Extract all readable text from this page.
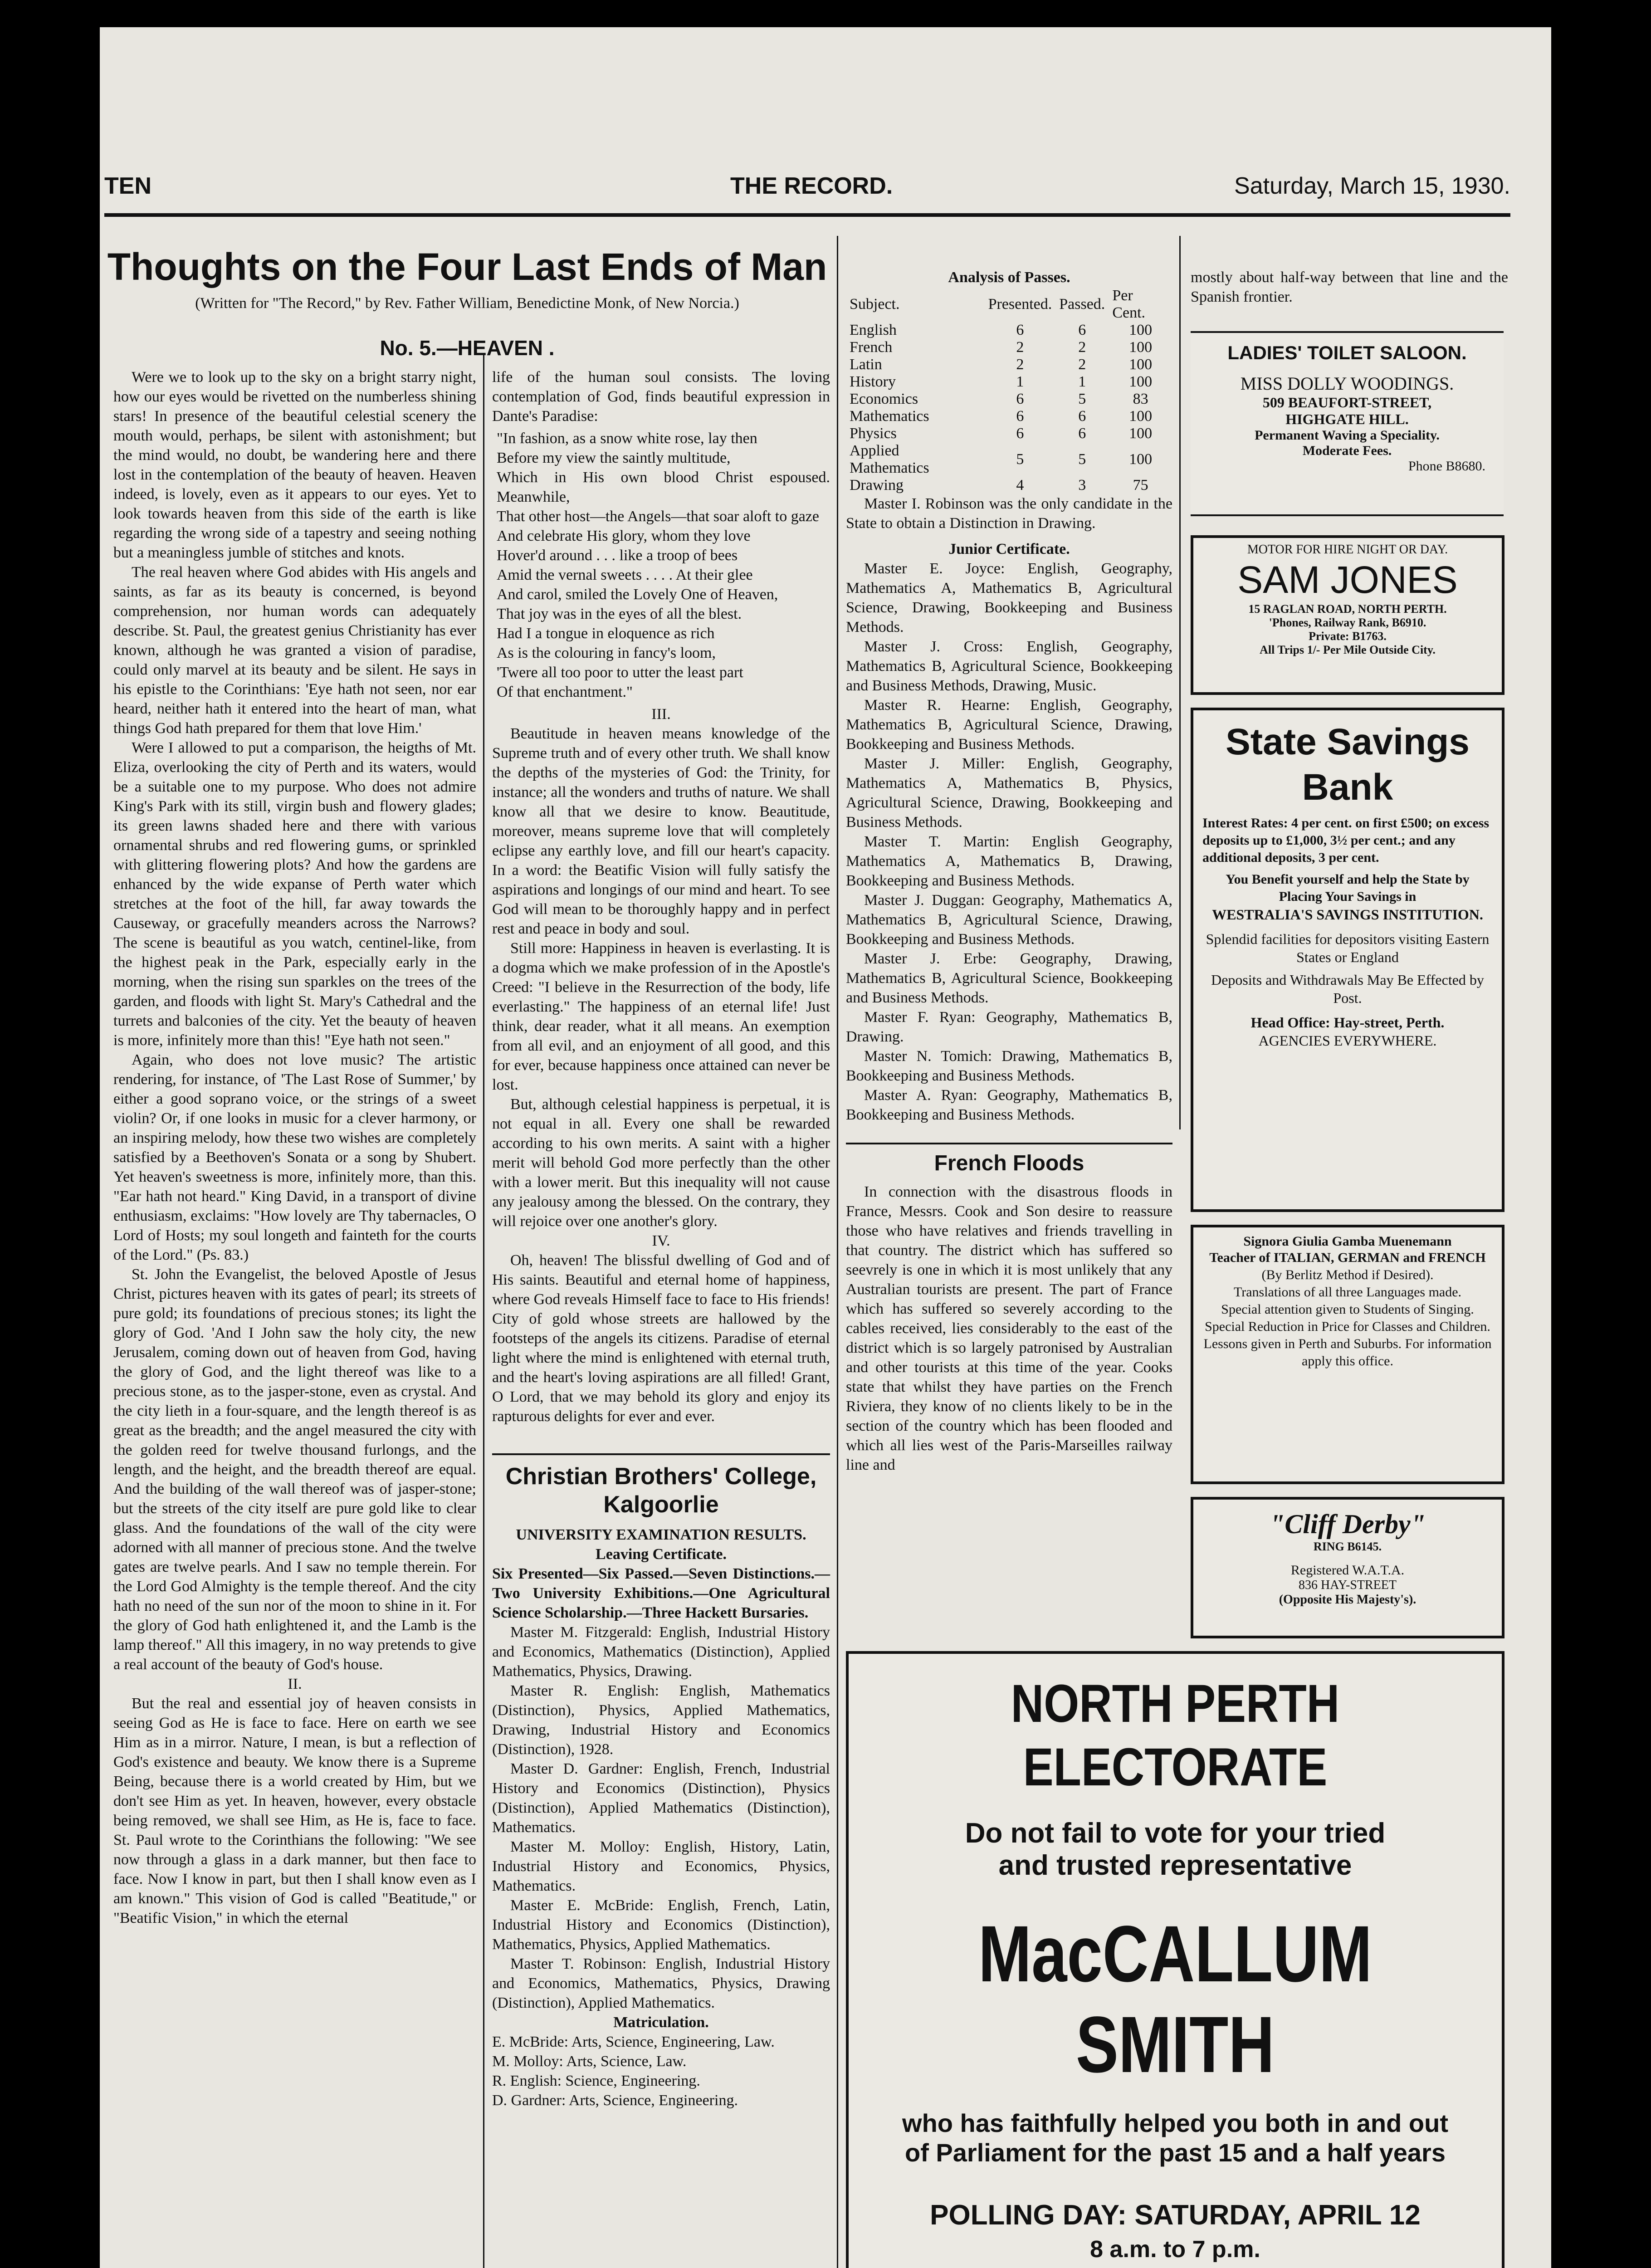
TEN	THE RECORD.	Saturday, March 15, 1930.
Thoughts on the Four Last Ends of Man
(Written for "The Record," by Rev. Father William, Benedictine Monk, of New Norcia.)
No. 5.—HEAVEN .

Were we to look up to the sky on a bright starry night, how our eyes would be rivetted on the numberless shining stars! In presence of the beautiful celestial scenery the mouth would, perhaps, be silent with astonishment; but the mind would, no doubt, be wandering here and there lost in the contemplation of the beauty of heaven. Heaven indeed, is lovely, even as it appears to our eyes. Yet to look towards heaven from this side of the earth is like regarding the wrong side of a tapestry and seeing nothing but a meaningless jumble of stitches and knots.

The real heaven where God abides with His angels and saints, as far as its beauty is concerned, is beyond comprehension, nor human words can adequately describe. St. Paul, the greatest genius Christianity has ever known, although he was granted a vision of paradise, could only marvel at its beauty and be silent. He says in his epistle to the Corinthians: 'Eye hath not seen, nor ear heard, neither hath it entered into the heart of man, what things God hath prepared for them that love Him.'

Were I allowed to put a comparison, the heigths of Mt. Eliza, overlooking the city of Perth and its waters, would be a suitable one to my purpose. Who does not admire King's Park with its still, virgin bush and flowery glades; its green lawns shaded here and there with various ornamental shrubs and red flowering gums, or sprinkled with glittering flowering plots? And how the gardens are enhanced by the wide expanse of Perth water which stretches at the foot of the hill, far away towards the Causeway, or gracefully meanders across the Narrows? The scene is beautiful as you watch, centinel-like, from the highest peak in the Park, especially early in the morning, when the rising sun sparkles on the trees of the garden, and floods with light St. Mary's Cathedral and the turrets and balconies of the city. Yet the beauty of heaven is more, infinitely more than this! "Eye hath not seen."

Again, who does not love music? The artistic rendering, for instance, of 'The Last Rose of Summer,' by either a good soprano voice, or the strings of a sweet violin? Or, if one looks in music for a clever harmony, or an inspiring melody, how these two wishes are completely satisfied by a Beethoven's Sonata or a song by Shubert. Yet heaven's sweetness is more, infinitely more, than this. "Ear hath not heard." King David, in a transport of divine enthusiasm, exclaims: "How lovely are Thy tabernacles, O Lord of Hosts; my soul longeth and fainteth for the courts of the Lord." (Ps. 83.)

St. John the Evangelist, the beloved Apostle of Jesus Christ, pictures heaven with its gates of pearl; its streets of pure gold; its foundations of precious stones; its light the glory of God. 'And I John saw the holy city, the new Jerusalem, coming down out of heaven from God, having the glory of God, and the light thereof was like to a precious stone, as to the jasper-stone, even as crystal. And the city lieth in a four-square, and the length thereof is as great as the breadth; and the angel measured the city with the golden reed for twelve thousand furlongs, and the length, and the height, and the breadth thereof are equal. And the building of the wall thereof was of jasper-stone; but the streets of the city itself are pure gold like to clear glass. And the foundations of the wall of the city were adorned with all manner of precious stone. And the twelve gates are twelve pearls. And I saw no temple therein. For the Lord God Almighty is the temple thereof. And the city hath no need of the sun nor of the moon to shine in it. For the glory of God hath enlightened it, and the Lamb is the lamp thereof." All this imagery, in no way pretends to give a real account of the beauty of God's house.

II.

But the real and essential joy of heaven consists in seeing God as He is face to face. Here on earth we see Him as in a mirror. Nature, I mean, is but a reflection of God's existence and beauty. We know there is a Supreme Being, because there is a world created by Him, but we don't see Him as yet. In heaven, however, every obstacle being removed, we shall see Him, as He is, face to face. St. Paul wrote to the Corinthians the following: "We see now through a glass in a dark manner, but then face to face. Now I know in part, but then I shall know even as I am known." This vision of God is called "Beatitude," or "Beatific Vision," in which the eternal

life of the human soul consists. The loving contemplation of God, finds beautiful expression in Dante's Paradise:

"In fashion, as a snow white rose, lay then
Before my view the saintly multitude,
Which in His own blood Christ espoused. Meanwhile,
That other host—the Angels—that soar aloft to gaze
And celebrate His glory, whom they love
Hover'd around . . . like a troop of bees
Amid the vernal sweets . . . . At their glee
And carol, smiled the Lovely One of Heaven,
That joy was in the eyes of all the blest.
Had I a tongue in eloquence as rich
As is the colouring in fancy's loom,
'Twere all too poor to utter the least part
Of that enchantment."

III.

Beautitude in heaven means knowledge of the Supreme truth and of every other truth. We shall know the depths of the mysteries of God: the Trinity, for instance; all the wonders and truths of nature. We shall know all that we desire to know. Beautitude, moreover, means supreme love that will completely eclipse any earthly love, and fill our heart's capacity. In a word: the Beatific Vision will fully satisfy the aspirations and longings of our mind and heart. To see God will mean to be thoroughly happy and in perfect rest and peace in body and soul.

Still more: Happiness in heaven is everlasting. It is a dogma which we make profession of in the Apostle's Creed: "I believe in the Resurrection of the body, life everlasting." The happiness of an eternal life! Just think, dear reader, what it all means. An exemption from all evil, and an enjoyment of all good, and this for ever, because happiness once attained can never be lost.

But, although celestial happiness is perpetual, it is not equal in all. Every one shall be rewarded according to his own merits. A saint with a higher merit will behold God more perfectly than the other with a lower merit. But this inequality will not cause any jealousy among the blessed. On the contrary, they will rejoice over one another's glory.

IV.

Oh, heaven! The blissful dwelling of God and of His saints. Beautiful and eternal home of happiness, where God reveals Himself face to face to His friends! City of gold whose streets are hallowed by the footsteps of the angels its citizens. Paradise of eternal light where the mind is enlightened with eternal truth, and the heart's loving aspirations are all filled! Grant, O Lord, that we may behold its glory and enjoy its rapturous delights for ever and ever.

Christian Brothers' College, Kalgoorlie
UNIVERSITY EXAMINATION RESULTS.
Leaving Certificate.

Six Presented—Six Passed.—Seven Distinctions.—Two University Exhibitions.—One Agricultural Science Scholarship.—Three Hackett Bursaries.

Master M. Fitzgerald: English, Industrial History and Economics, Mathematics (Distinction), Applied Mathematics, Physics, Drawing.

Master R. English: English, Mathematics (Distinction), Physics, Applied Mathematics, Drawing, Industrial History and Economics (Distinction), 1928.

Master D. Gardner: English, French, Industrial History and Economics (Distinction), Physics (Distinction), Applied Mathematics (Distinction), Mathematics.

Master M. Molloy: English, History, Latin, Industrial History and Economics, Physics, Mathematics.

Master E. McBride: English, French, Latin, Industrial History and Economics (Distinction), Mathematics, Physics, Applied Mathematics.

Master T. Robinson: English, Industrial History and Economics, Mathematics, Physics, Drawing (Distinction), Applied Mathematics.

Matriculation.
E. McBride: Arts, Science, Engineering, Law.
M. Molloy: Arts, Science, Law.
R. English: Science, Engineering.
D. Gardner: Arts, Science, Engineering.
Analysis of Passes.
Subject.	Presented.	Passed.	Per Cent.
English	6	6	100
French	2	2	100
Latin	2	2	100
History	1	1	100
Economics	6	5	83
Mathematics	6	6	100
Physics	6	6	100
Applied Mathematics	5	5	100
Drawing	4	3	75

Master I. Robinson was the only candidate in the State to obtain a Distinction in Drawing.

Junior Certificate.

Master E. Joyce: English, Geography, Mathematics A, Mathematics B, Agricultural Science, Drawing, Bookkeeping and Business Methods.

Master J. Cross: English, Geography, Mathematics B, Agricultural Science, Bookkeeping and Business Methods, Drawing, Music.

Master R. Hearne: English, Geography, Mathematics B, Agricultural Science, Drawing, Bookkeeping and Business Methods.

Master J. Miller: English, Geography, Mathematics A, Mathematics B, Physics, Agricultural Science, Drawing, Bookkeeping and Business Methods.

Master T. Martin: English Geography, Mathematics A, Mathematics B, Drawing, Bookkeeping and Business Methods.

Master J. Duggan: Geography, Mathematics A, Mathematics B, Agricultural Science, Drawing, Bookkeeping and Business Methods.

Master J. Erbe: Geography, Drawing, Mathematics B, Agricultural Science, Bookkeeping and Business Methods.

Master F. Ryan: Geography, Mathematics B, Drawing.

Master N. Tomich: Drawing, Mathematics B, Bookkeeping and Business Methods.

Master A. Ryan: Geography, Mathematics B, Bookkeeping and Business Methods.

French Floods

In connection with the disastrous floods in France, Messrs. Cook and Son desire to reassure those who have relatives and friends travelling in that country. The district which has suffered so seevrely is one in which it is most unlikely that any Australian tourists are present. The part of France which has suffered so severely according to the cables received, lies considerably to the east of the district which is so largely patronised by Australian and other tourists at this time of the year. Cooks state that whilst they have parties on the French Riviera, they know of no clients likely to be in the section of the country which has been flooded and which all lies west of the Paris-Marseilles railway line and

mostly about half-way between that line and the Spanish frontier.

LADIES' TOILET SALOON.
MISS DOLLY WOODINGS.
509 BEAUFORT-STREET,
HIGHGATE HILL.
Permanent Waving a Speciality.
Moderate Fees.
Phone B8680.
MOTOR FOR HIRE NIGHT OR DAY.
SAM JONES
15 RAGLAN ROAD, NORTH PERTH.
'Phones, Railway Rank, B6910.
Private: B1763.
All Trips 1/- Per Mile Outside City.
State Savings
Bank
Interest Rates: 4 per cent. on first £500; on excess deposits up to £1,000, 3½ per cent.; and any additional deposits, 3 per cent.
You Benefit yourself and help the State by Placing Your Savings in
WESTRALIA'S SAVINGS INSTITUTION.
Splendid facilities for depositors visiting Eastern States or England
Deposits and Withdrawals May Be Effected by Post.
Head Office: Hay-street, Perth.
AGENCIES EVERYWHERE.
Signora Giulia Gamba Muenemann
Teacher of ITALIAN, GERMAN and FRENCH
(By Berlitz Method if Desired).
Translations of all three Languages made.
Special attention given to Students of Singing.
Special Reduction in Price for Classes and Children.
Lessons given in Perth and Suburbs. For information apply this office.
"Cliff Derby"
RING B6145.
Registered W.A.T.A.
836 HAY-STREET
(Opposite His Majesty's).
NORTH PERTH ELECTORATE
Do not fail to vote for your tried
and trusted representative
MacCALLUM SMITH
who has faithfully helped you both in and out
of Parliament for the past 15 and a half years
POLLING DAY: SATURDAY, APRIL 12
8 a.m. to 7 p.m.
